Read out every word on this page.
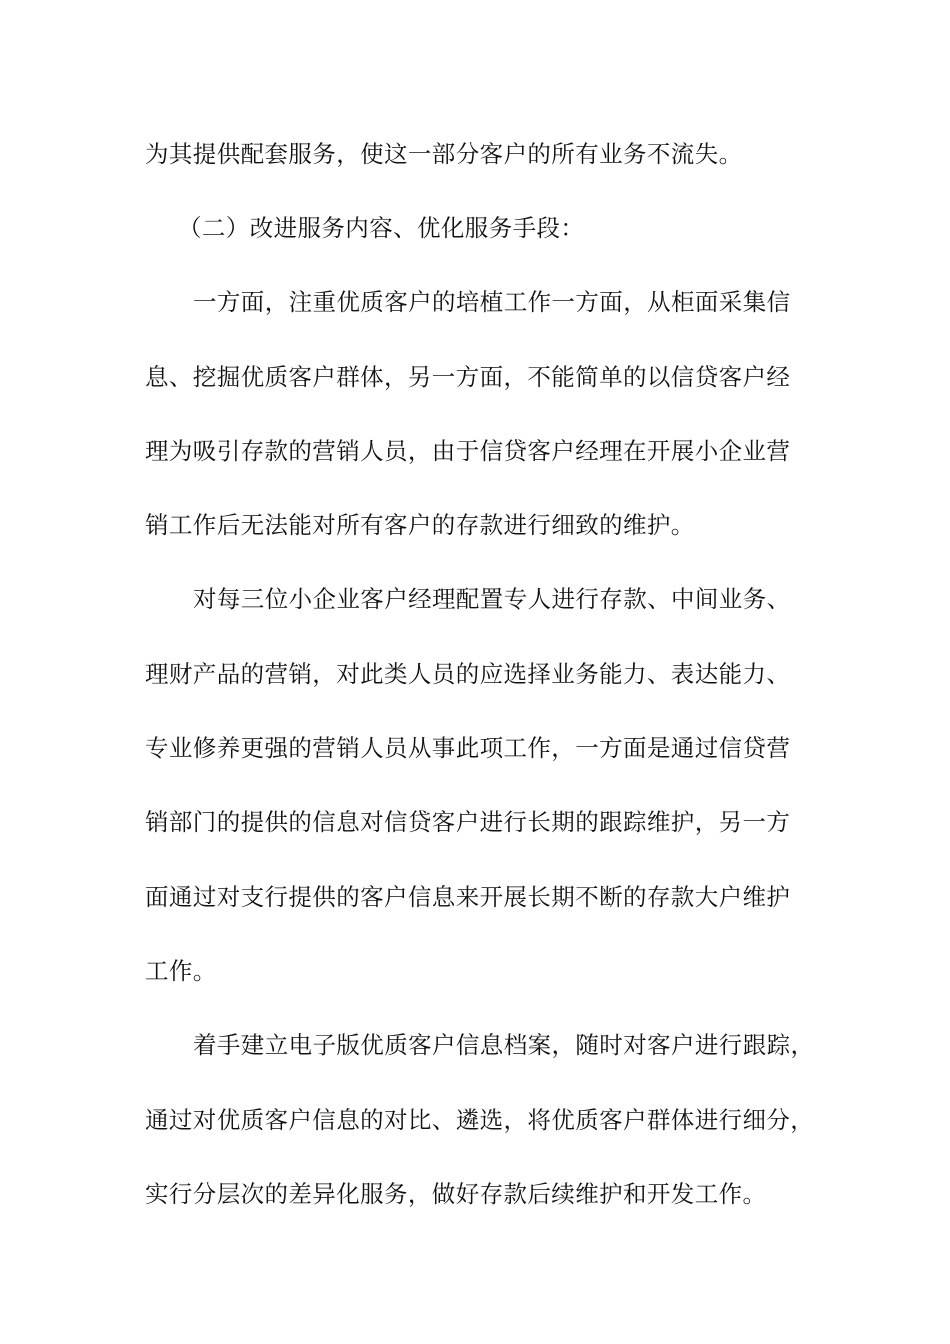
为其提供配套服务，使这一部分客户的所有业务不流失。
（二）改进服务内容、优化服务手段：
一方面，注重优质客户的培植工作一方面，从柜面采集信
息、挖掘优质客户群体，另一方面，不能简单的以信贷客户经
理为吸引存款的营销人员，由于信贷客户经理在开展小企业营
销工作后无法能对所有客户的存款进行细致的维护。
对每三位小企业客户经理配置专人进行存款、中间业务、
理财产品的营销，对此类人员的应选择业务能力、表达能力、
专业修养更强的营销人员从事此项工作，一方面是通过信贷营
销部门的提供的信息对信贷客户进行长期的跟踪维护，另一方
面通过对支行提供的客户信息来开展长期不断的存款大户维护
工作。
着手建立电子版优质客户信息档案，随时对客户进行跟踪，
通过对优质客户信息的对比、遴选，将优质客户群体进行细分，
实行分层次的差异化服务，做好存款后续维护和开发工作。
